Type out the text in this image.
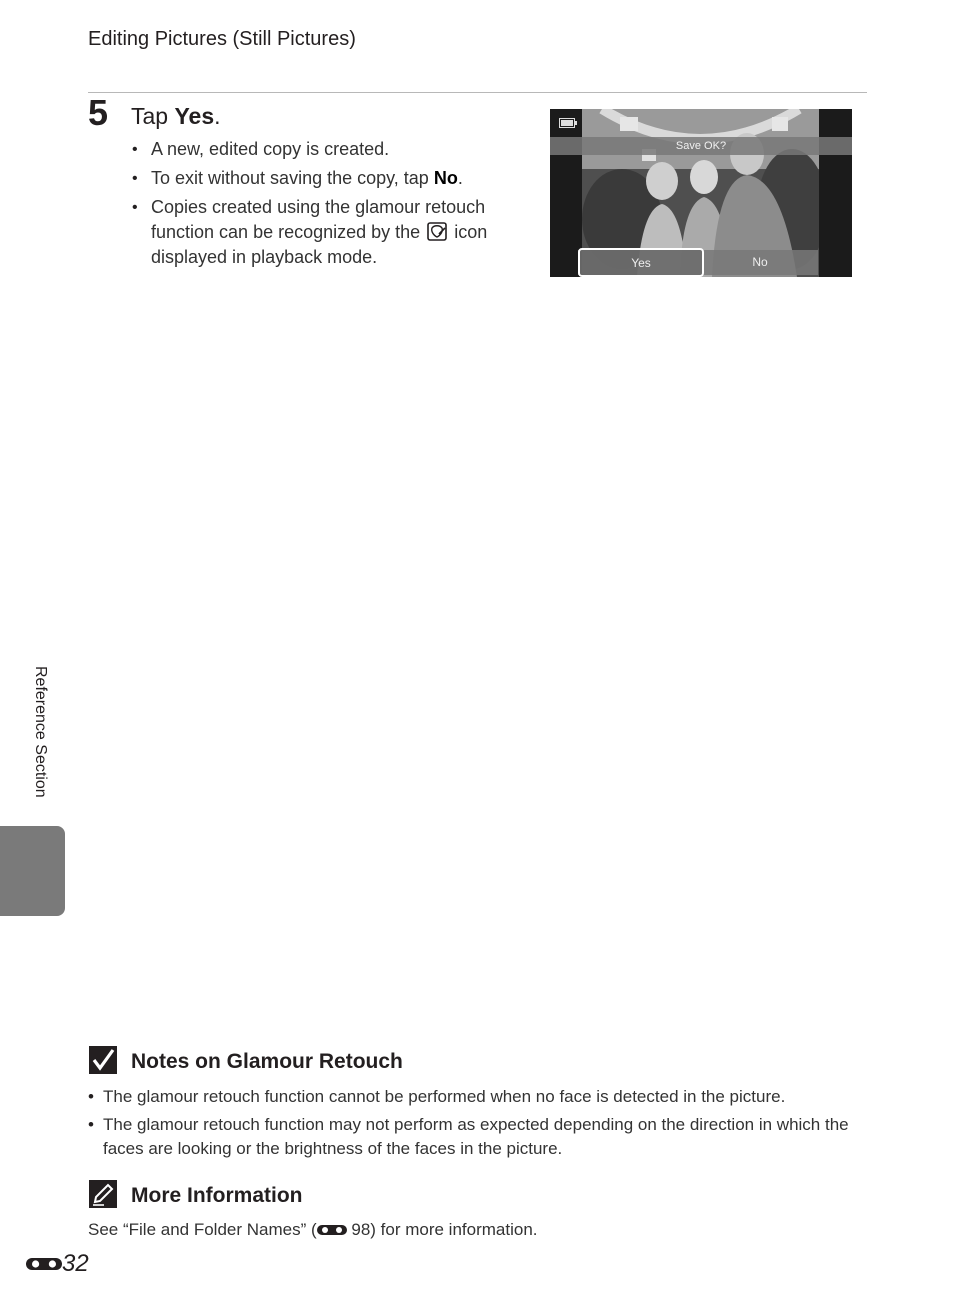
Editing Pictures (Still Pictures)
5 Tap Yes.
• A new, edited copy is created.
• To exit without saving the copy, tap No.
• Copies created using the glamour retouch function can be recognized by the  icon displayed in playback mode.
Save OK?
Yes	No
Reference Section
Notes on Glamour Retouch
• The glamour retouch function cannot be performed when no face is detected in the picture.
• The glamour retouch function may not perform as expected depending on the direction in which the faces are looking or the brightness of the faces in the picture.
More Information
See “File and Folder Names” ( 98) for more information.
32
